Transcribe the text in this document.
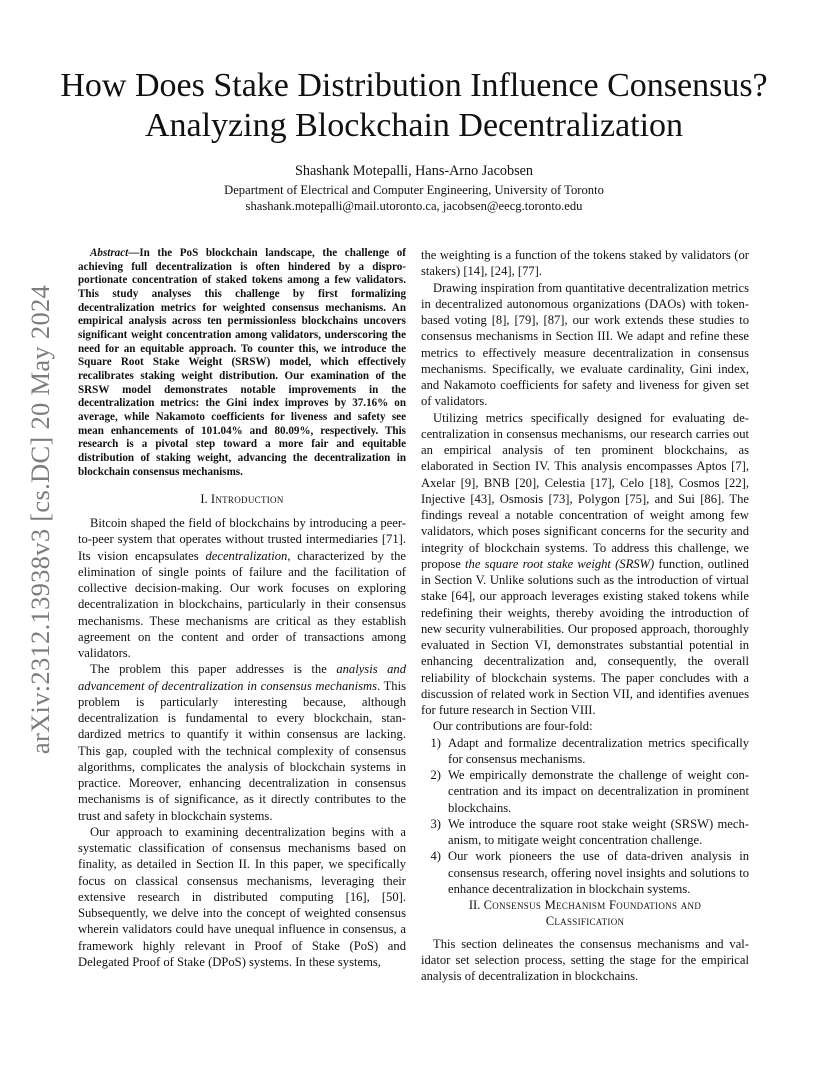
arXiv:2312.13938v3 [cs.DC] 20 May 2024
How Does Stake Distribution Influence Consensus?
Analyzing Blockchain Decentralization
Shashank Motepalli, Hans-Arno Jacobsen
Department of Electrical and Computer Engineering, University of Toronto
shashank.motepalli@mail.utoronto.ca, jacobsen@eecg.toronto.edu

Abstract—In the PoS blockchain landscape, the challenge of achieving full decentralization is often hindered by a disproportionate concentration of staked tokens among a few validators. This study analyses this challenge by first formalizing decentralization metrics for weighted consensus mechanisms. An empirical analysis across ten permissionless blockchains uncovers significant weight concentration among validators, underscoring the need for an equitable approach. To counter this, we introduce the Square Root Stake Weight (SRSW) model, which effectively recalibrates staking weight distribution. Our examination of the SRSW model demonstrates notable improvements in the decentralization metrics: the Gini index improves by 37.16% on average, while Nakamoto coefficients for liveness and safety see mean enhancements of 101.04% and 80.09%, respectively. This research is a pivotal step toward a more fair and equitable distribution of staking weight, advancing the decentralization in blockchain consensus mechanisms.

I. Introduction

Bitcoin shaped the field of blockchains by introducing a peer-to-peer system that operates without trusted intermediaries [71]. Its vision encapsulates decentralization, characterized by the elimination of single points of failure and the facilitation of collective decision-making. Our work focuses on exploring decentralization in blockchains, particularly in their consensus mechanisms. These mechanisms are critical as they establish agreement on the content and order of transactions among validators.

The problem this paper addresses is the analysis and advancement of decentralization in consensus mechanisms. This problem is particularly interesting because, although decentralization is fundamental to every blockchain, standardized metrics to quantify it within consensus are lacking. This gap, coupled with the technical complexity of consensus algorithms, complicates the analysis of blockchain systems in practice. Moreover, enhancing decentralization in consensus mechanisms is of significance, as it directly contributes to the trust and safety in blockchain systems.

Our approach to examining decentralization begins with a systematic classification of consensus mechanisms based on finality, as detailed in Section II. In this paper, we specifically focus on classical consensus mechanisms, leveraging their extensive research in distributed computing [16], [50]. Subsequently, we delve into the concept of weighted consensus wherein validators could have unequal influence in consensus, a framework highly relevant in Proof of Stake (PoS) and Delegated Proof of Stake (DPoS) systems. In these systems,

the weighting is a function of the tokens staked by validators (or stakers) [14], [24], [77].

Drawing inspiration from quantitative decentralization metrics in decentralized autonomous organizations (DAOs) with token-based voting [8], [79], [87], our work extends these studies to consensus mechanisms in Section III. We adapt and refine these metrics to effectively measure decentralization in consensus mechanisms. Specifically, we evaluate cardinality, Gini index, and Nakamoto coefficients for safety and liveness for given set of validators.

Utilizing metrics specifically designed for evaluating decentralization in consensus mechanisms, our research carries out an empirical analysis of ten prominent blockchains, as elaborated in Section IV. This analysis encompasses Aptos [7], Axelar [9], BNB [20], Celestia [17], Celo [18], Cosmos [22], Injective [43], Osmosis [73], Polygon [75], and Sui [86]. The findings reveal a notable concentration of weight among few validators, which poses significant concerns for the security and integrity of blockchain systems. To address this challenge, we propose the square root stake weight (SRSW) function, outlined in Section V. Unlike solutions such as the introduction of virtual stake [64], our approach leverages existing staked tokens while redefining their weights, thereby avoiding the introduction of new security vulnerabilities. Our proposed approach, thoroughly evaluated in Section VI, demonstrates substantial potential in enhancing decentralization and, consequently, the overall reliability of blockchain systems. The paper concludes with a discussion of related work in Section VII, and identifies avenues for future research in Section VIII.

Our contributions are four-fold:

1) Adapt and formalize decentralization metrics specifically for consensus mechanisms.
2) We empirically demonstrate the challenge of weight concentration and its impact on decentralization in prominent blockchains.
3) We introduce the square root stake weight (SRSW) mechanism, to mitigate weight concentration challenge.
4) Our work pioneers the use of data-driven analysis in consensus research, offering novel insights and solutions to enhance decentralization in blockchain systems.
II. Consensus Mechanism Foundations and
Classification

This section delineates the consensus mechanisms and validator set selection process, setting the stage for the empirical analysis of decentralization in blockchains.
